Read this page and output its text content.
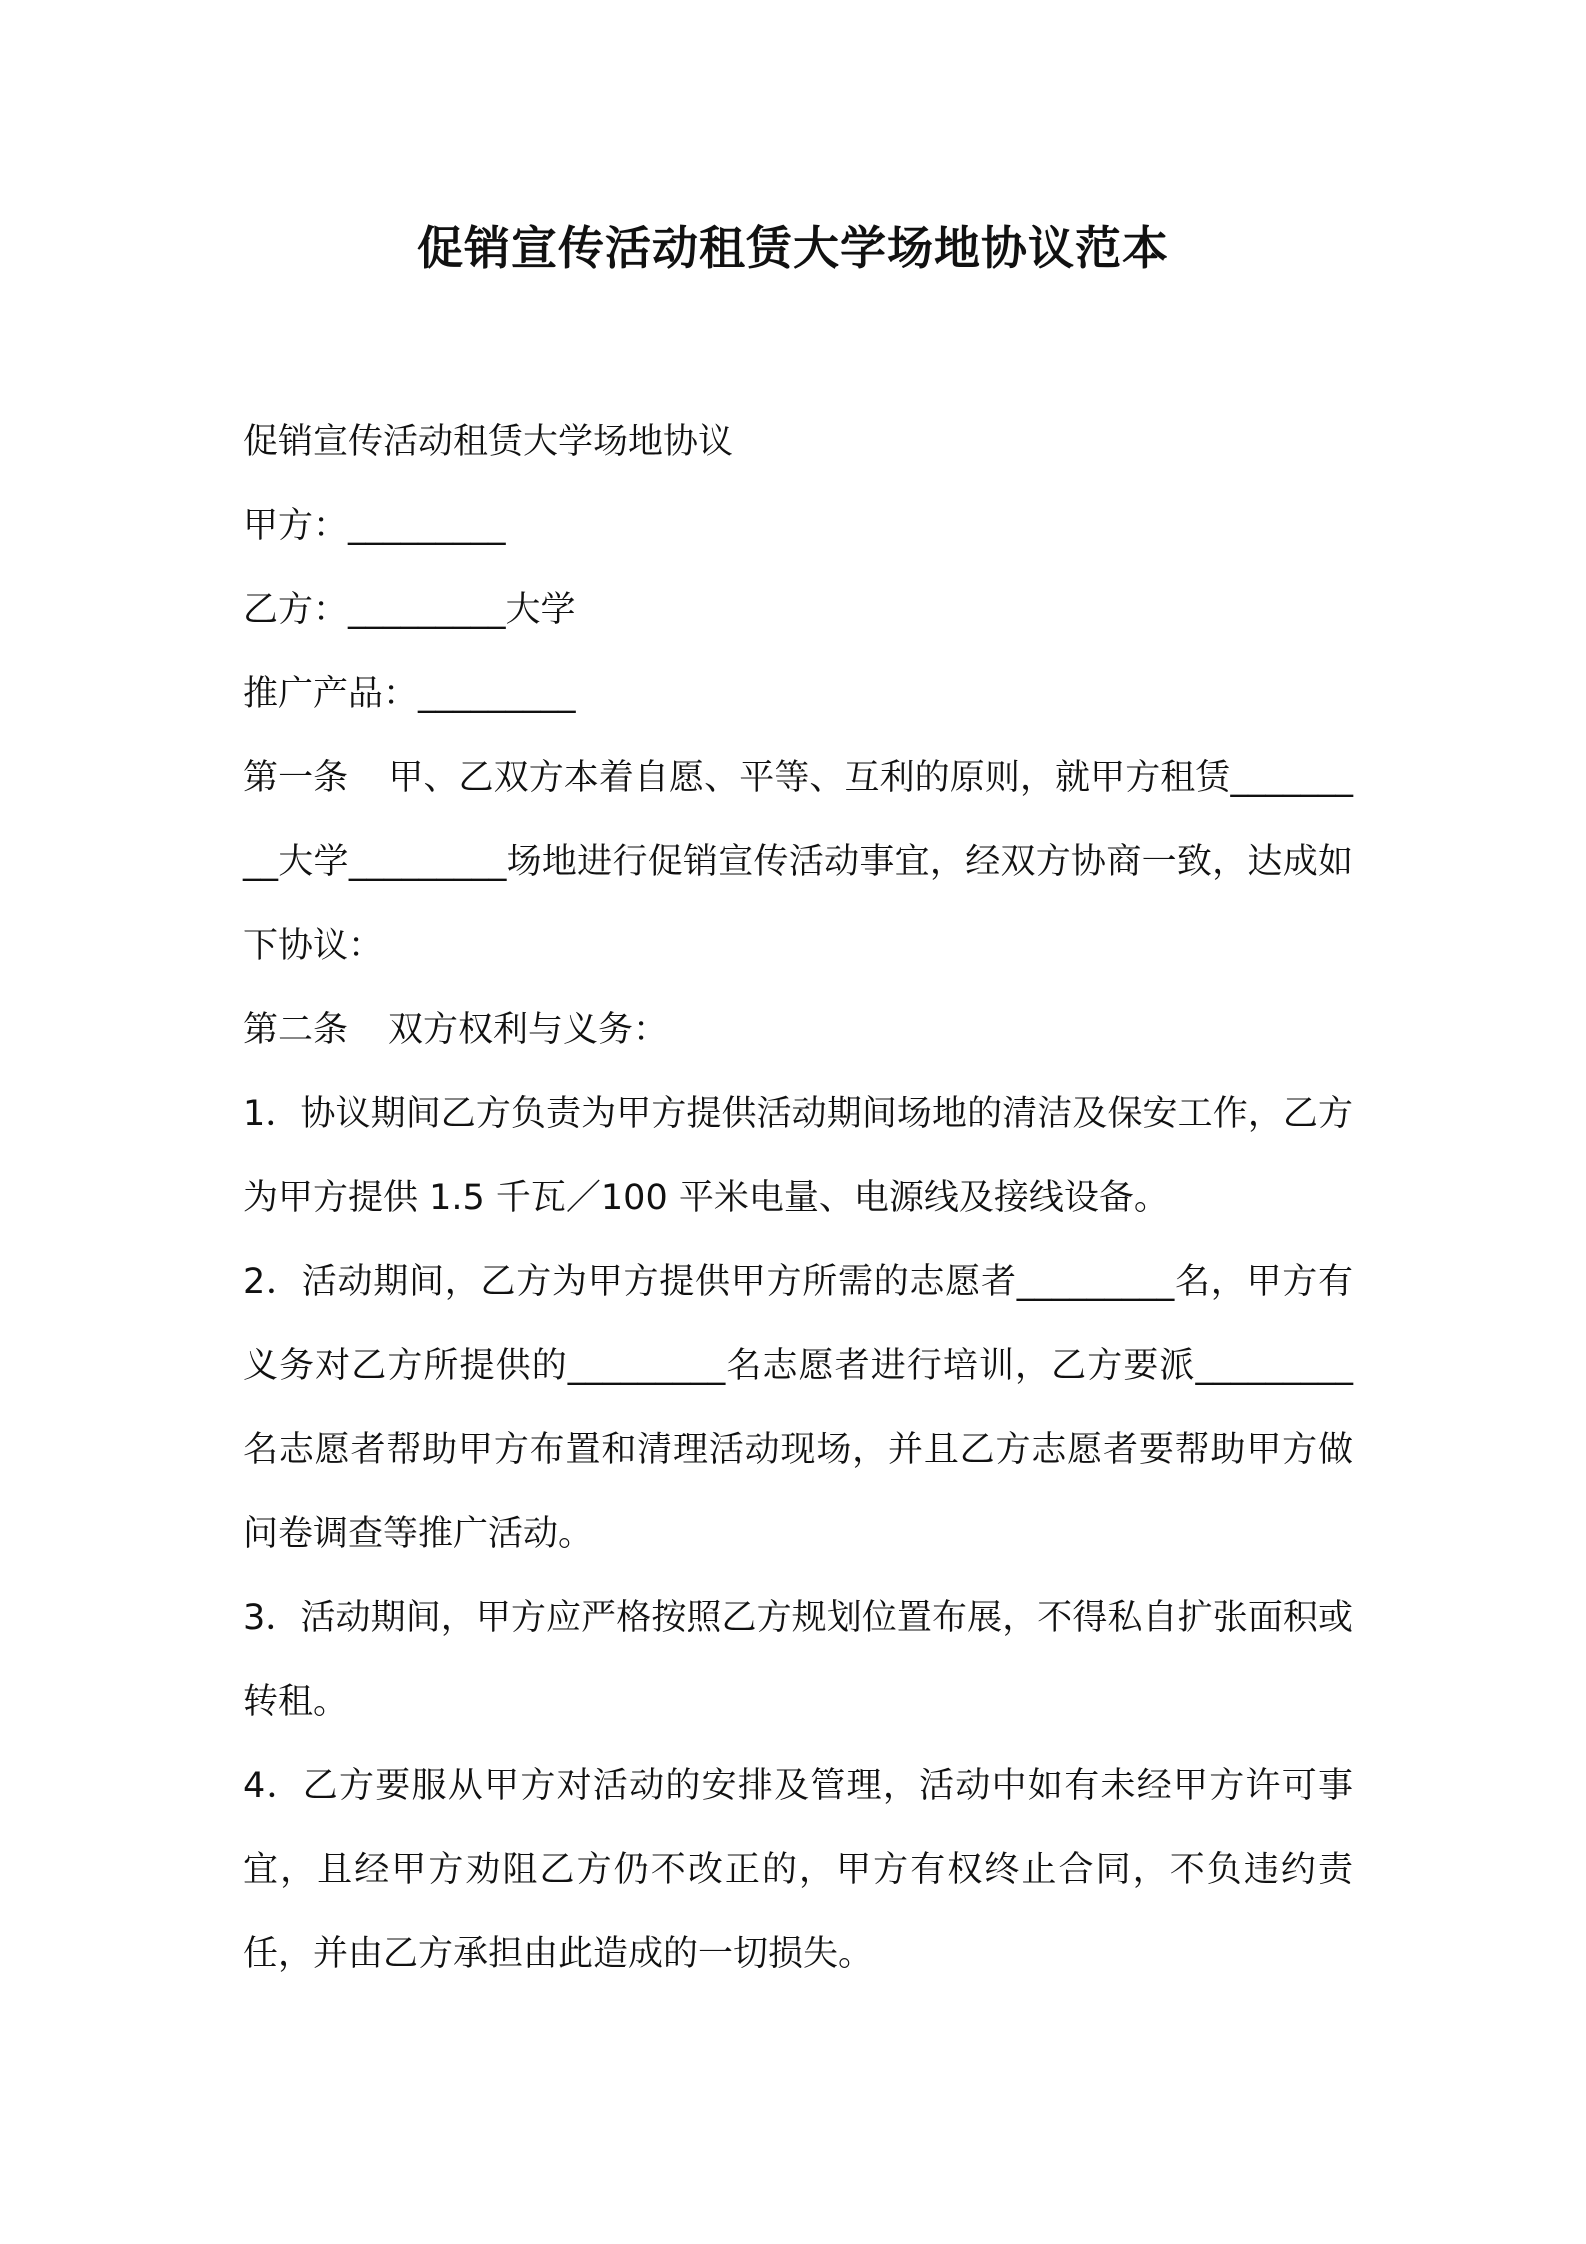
促销宣传活动租赁大学场地协议范本
促销宣传活动租赁大学场地协议
甲方：_________
乙方：_________大学
推广产品：_________
第一条 甲、乙双方本着自愿、平等、互利的原则，就甲方租赁_________大学_________场地进行促销宣传活动事宜，经双方协商一致，达成如下协议：
第二条 双方权利与义务：
1．协议期间乙方负责为甲方提供活动期间场地的清洁及保安工作，乙方为甲方提供 1.5 千瓦／100 平米电量、电源线及接线设备。
2．活动期间，乙方为甲方提供甲方所需的志愿者_________名，甲方有义务对乙方所提供的_________名志愿者进行培训，乙方要派_________名志愿者帮助甲方布置和清理活动现场，并且乙方志愿者要帮助甲方做问卷调查等推广活动。
3．活动期间，甲方应严格按照乙方规划位置布展，不得私自扩张面积或转租。
4．乙方要服从甲方对活动的安排及管理，活动中如有未经甲方许可事宜，且经甲方劝阻乙方仍不改正的，甲方有权终止合同，不负违约责任，并由乙方承担由此造成的一切损失。
